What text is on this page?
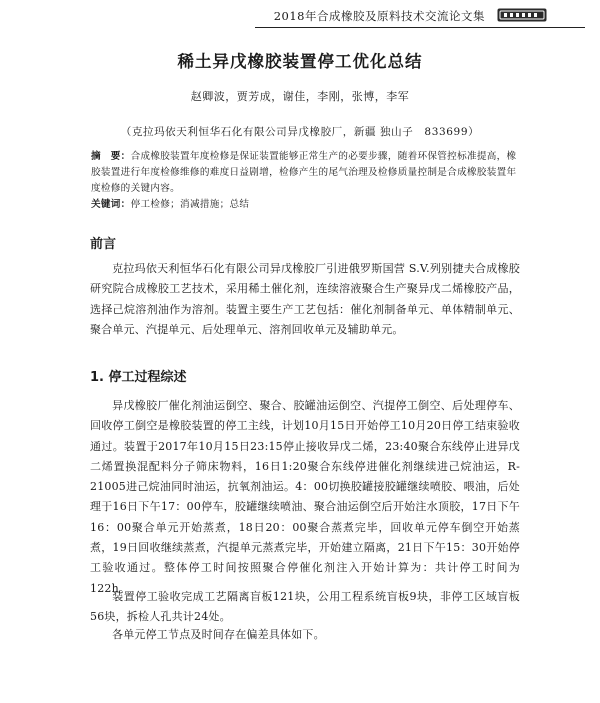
2018年合成橡胶及原料技术交流论文集
稀土异戊橡胶装置停工优化总结
赵卿波，贾芳成，谢佳，李刚，张博，李军
（克拉玛依天利恒华石化有限公司异戊橡胶厂，新疆 独山子　833699）
摘　要：合成橡胶装置年度检修是保证装置能够正常生产的必要步骤，随着环保管控标准提高，橡胶装置进行年度检修维修的难度日益剧增，检修产生的尾气治理及检修质量控制是合成橡胶装置年度检修的关键内容。
关键词：停工检修；消减措施；总结
前言

克拉玛依天利恒华石化有限公司异戊橡胶厂引进俄罗斯国营 S.V.列别捷夫合成橡胶研究院合成橡胶工艺技术，采用稀土催化剂，连续溶液聚合生产聚异戊二烯橡胶产品，选择己烷溶剂油作为溶剂。装置主要生产工艺包括：催化剂制备单元、单体精制单元、聚合单元、汽提单元、后处理单元、溶剂回收单元及辅助单元。

1. 停工过程综述

异戊橡胶厂催化剂油运倒空、聚合、胶罐油运倒空、汽提停工倒空、后处理停车、回收停工倒空是橡胶装置的停工主线，计划10月15日开始停工10月20日停工结束验收通过。装置于2017年10月15日23:15停止接收异戊二烯，23:40聚合东线停止进异戊二烯置换混配料分子筛床物料，16日1:20聚合东线停进催化剂继续进己烷油运，R-21005进己烷油同时油运，抗氧剂油运。4：00切换胶罐接胶罐继续喷胶、喂油，后处理于16日下午17：00停车，胶罐继续喷油、聚合油运倒空后开始注水顶胶，17日下午16：00聚合单元开始蒸煮，18日20：00聚合蒸煮完毕，回收单元停车倒空开始蒸煮，19日回收继续蒸煮，汽提单元蒸煮完毕，开始建立隔离，21日下午15：30开始停工验收通过。整体停工时间按照聚合停催化剂注入开始计算为：共计停工时间为122h。

装置停工验收完成工艺隔离盲板121块，公用工程系统盲板9块，非停工区域盲板56块，拆检人孔共计24处。

各单元停工节点及时间存在偏差具体如下。
